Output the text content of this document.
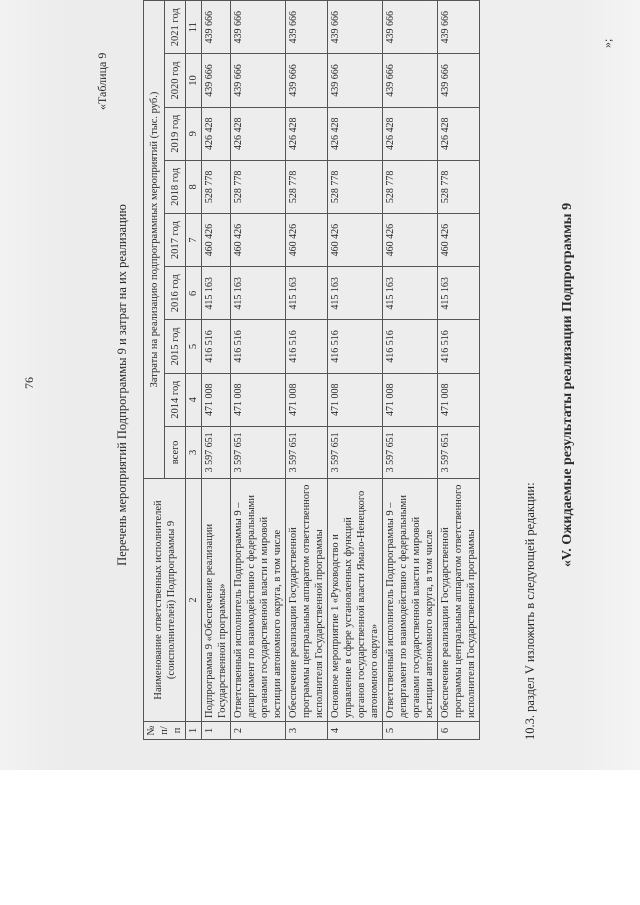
76
«Таблица 9
Перечень мероприятий Подпрограммы 9 и затрат на их реализацию
№ п/п	Наименование ответственных исполнителей (соисполнителей) Подпрограммы 9	Затраты на реализацию подпрограммных мероприятий (тыс. руб.)								
		всего	2014 год	2015 год	2016 год	2017 год	2018 год	2019 год	2020 год	2021 год
1	2	3	4	5	6	7	8	9	10	11
1	Подпрограмма 9 «Обеспечение реализации Государственной программы»	3 597 651	471 008	416 516	415 163	460 426	528 778	426 428	439 666	439 666
2	Ответственный исполнитель Подпрограммы 9 – департамент по взаимодействию с федеральными органами государственной власти и мировой юстиции автономного округа, в том числе	3 597 651	471 008	416 516	415 163	460 426	528 778	426 428	439 666	439 666
3	Обеспечение реализации Государственной программы центральным аппаратом ответственного исполнителя Государственной программы	3 597 651	471 008	416 516	415 163	460 426	528 778	426 428	439 666	439 666
4	Основное мероприятие 1 «Руководство и управление в сфере установленных функций органов государственной власти Ямало-Ненецкого автономного округа»	3 597 651	471 008	416 516	415 163	460 426	528 778	426 428	439 666	439 666
5	Ответственный исполнитель Подпрограммы 9 – департамент по взаимодействию с федеральными органами государственной власти и мировой юстиции автономного округа, в том числе	3 597 651	471 008	416 516	415 163	460 426	528 778	426 428	439 666	439 666
6	Обеспечение реализации Государственной программы центральным аппаратом ответственного исполнителя Государственной программы	3 597 651	471 008	416 516	415 163	460 426	528 778	426 428	439 666	439 666	»;
10.3. раздел V изложить в следующей редакции:
«V. Ожидаемые результаты реализации Подпрограммы 9
